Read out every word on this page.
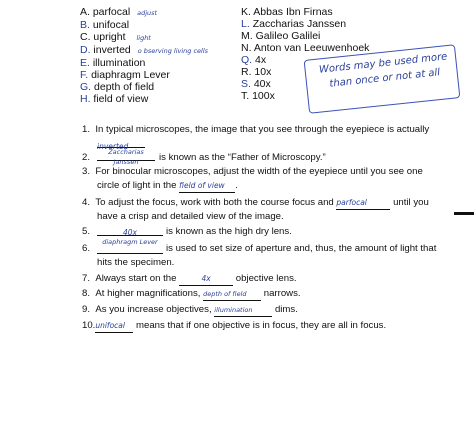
A. parfocal adjust
B. unifocal
C. upright light
D. inverted o bserving living cells
E. illumination
F. diaphragm Lever
G. depth of field
H. field of view
K. Abbas Ibn Firnas
L. Zaccharias Janssen
M. Galileo Galilei
N. Anton van Leeuwenhoek
Q. 4x
R. 10x
S. 40x
T. 100x
Words may be used more than once or not at all
1. In typical microscopes, the image that you see through the eyepiece is actually
inverted
Zaccharias Janssen
2.	is known as the “Father of Microscopy.”
3. For binocular microscopes, adjust the width of the eyepiece until you see one
circle of light in the field of view .
4. To adjust the focus, work with both the course focus and parfocal	until you
have a crisp and detailed view of the image.
5.	40x	is known as the high dry lens.
6.
diaphragm Lever
is used to set size of aperture and, thus, the amount of light that
hits the specimen.
7. Always start on the	4x	objective lens.
8. At higher magnifications, depth of field narrows.
9. As you increase objectives, illumination dims.
10.unifocal means that if one objective is in focus, they are all in focus.
